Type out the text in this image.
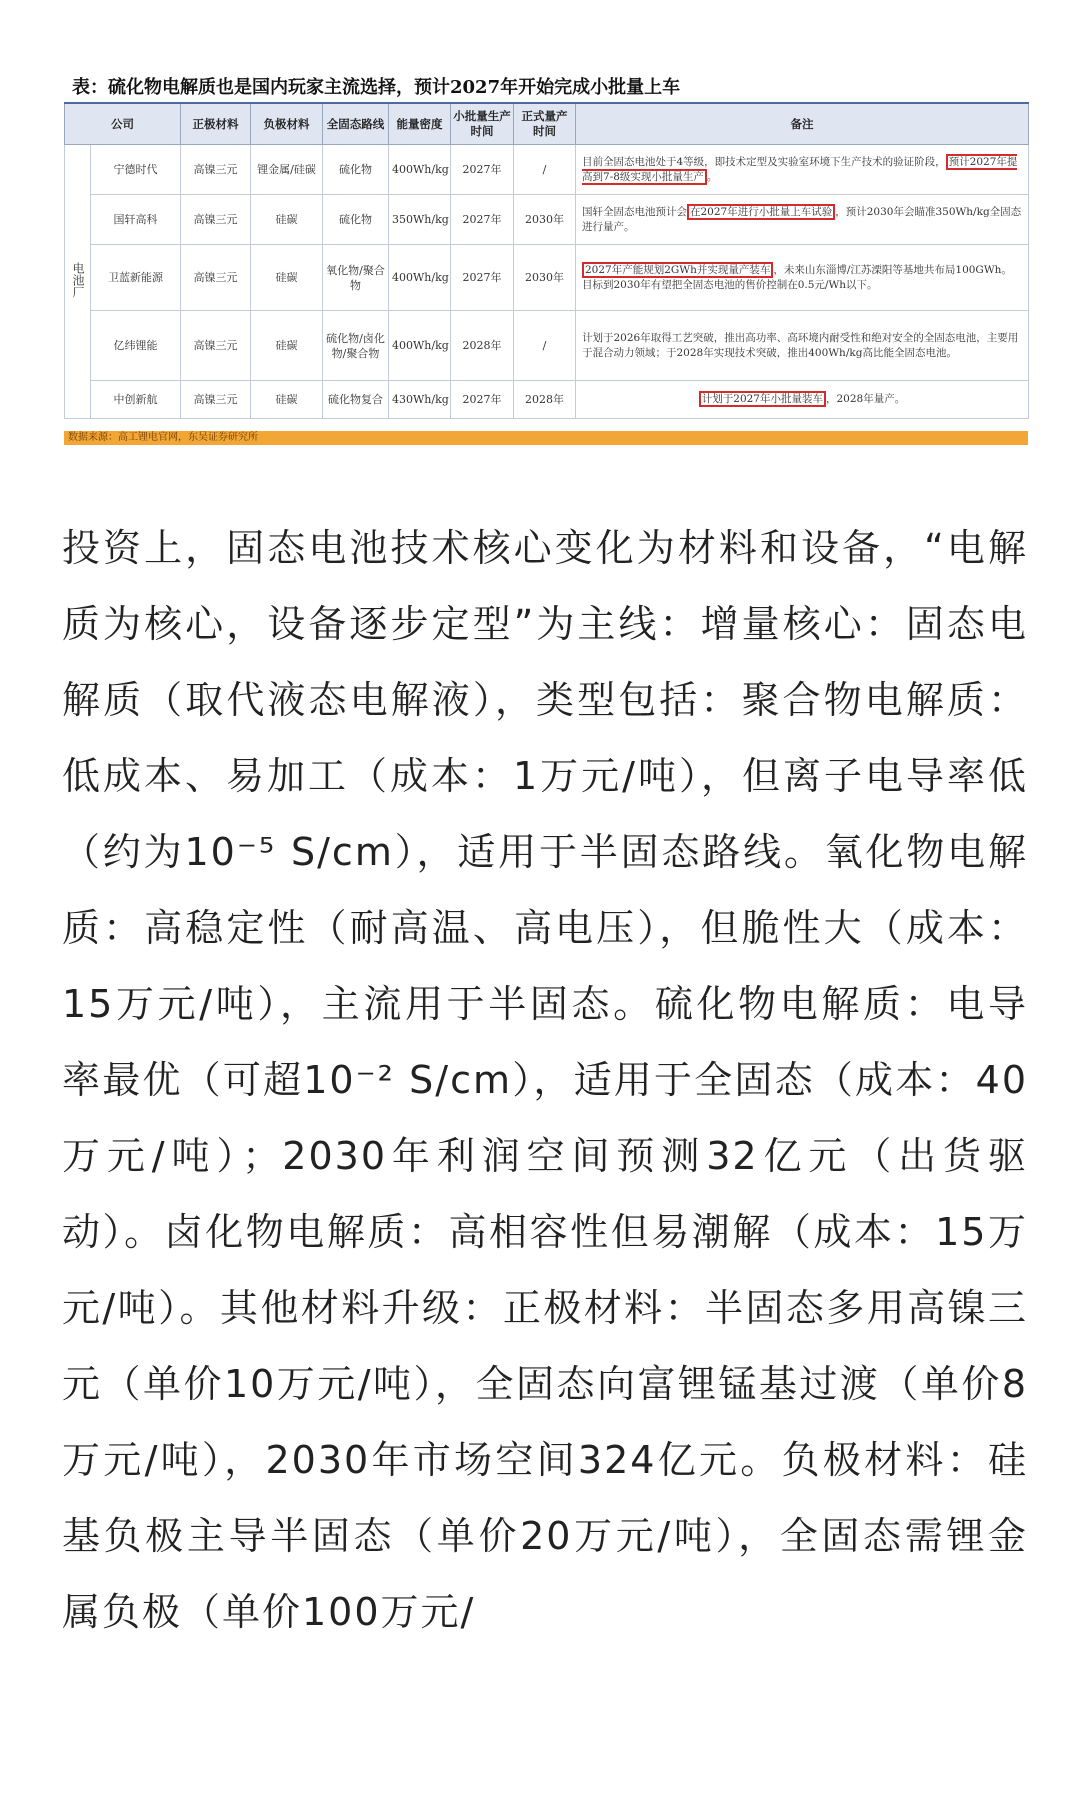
表：硫化物电解质也是国内玩家主流选择，预计2027年开始完成小批量上车
公司		正极材料	负极材料	全固态路线	能量密度	小批量生产时间	正式量产时间	备注
电池厂	宁德时代	高镍三元	锂金属/硅碳	硫化物	400Wh/kg	2027年	/	目前全固态电池处于4等级，即技术定型及实验室环境下生产技术的验证阶段， 预计2027年提高到7-8级实现小批量生产 。
	国轩高科	高镍三元	硅碳	硫化物	350Wh/kg	2027年	2030年	国轩全固态电池预计会 在2027年进行小批量上车试验 ，预计2030年会瞄准350Wh/kg全固态进行量产。
	卫蓝新能源	高镍三元	硅碳	氧化物/聚合物	400Wh/kg	2027年	2030年	2027年产能规划2GWh并实现量产装车 ，未来山东淄博/江苏溧阳等基地共布局100GWh。目标到2030年有望把全固态电池的售价控制在0.5元/Wh以下。
	亿纬锂能	高镍三元	硅碳	硫化物/卤化物/聚合物	400Wh/kg	2028年	/	计划于2026年取得工艺突破，推出高功率、高环境内耐受性和绝对安全的全固态电池，主要用于混合动力领域；于2028年实现技术突破，推出400Wh/kg高比能全固态电池。
	中创新航	高镍三元	硅碳	硫化物复合	430Wh/kg	2027年	2028年	计划于2027年小批量装车 ，2028年量产。
数据来源：高工锂电官网，东吴证券研究所

投资上，固态电池技术核心变化为材料和设备，“电解质为核心，设备逐步定型”为主线：增量核心：固态电解质（取代液态电解液），类型包括：聚合物电解质：低成本、易加工（成本：1万元/吨），但离子电导率低（约为10⁻⁵ S/cm），适用于半固态路线。氧化物电解质：高稳定性（耐高温、高电压），但脆性大（成本：15万元/吨），主流用于半固态。硫化物电解质：电导率最优（可超10⁻² S/cm），适用于全固态（成本：40万元/吨）；2030年利润空间预测32亿元（出货驱动）。卤化物电解质：高相容性但易潮解（成本：15万元/吨）。其他材料升级：正极材料：半固态多用高镍三元（单价10万元/吨），全固态向富锂锰基过渡（单价8万元/吨），2030年市场空间324亿元。负极材料：硅基负极主导半固态（单价20万元/吨），全固态需锂金属负极（单价100万元/
